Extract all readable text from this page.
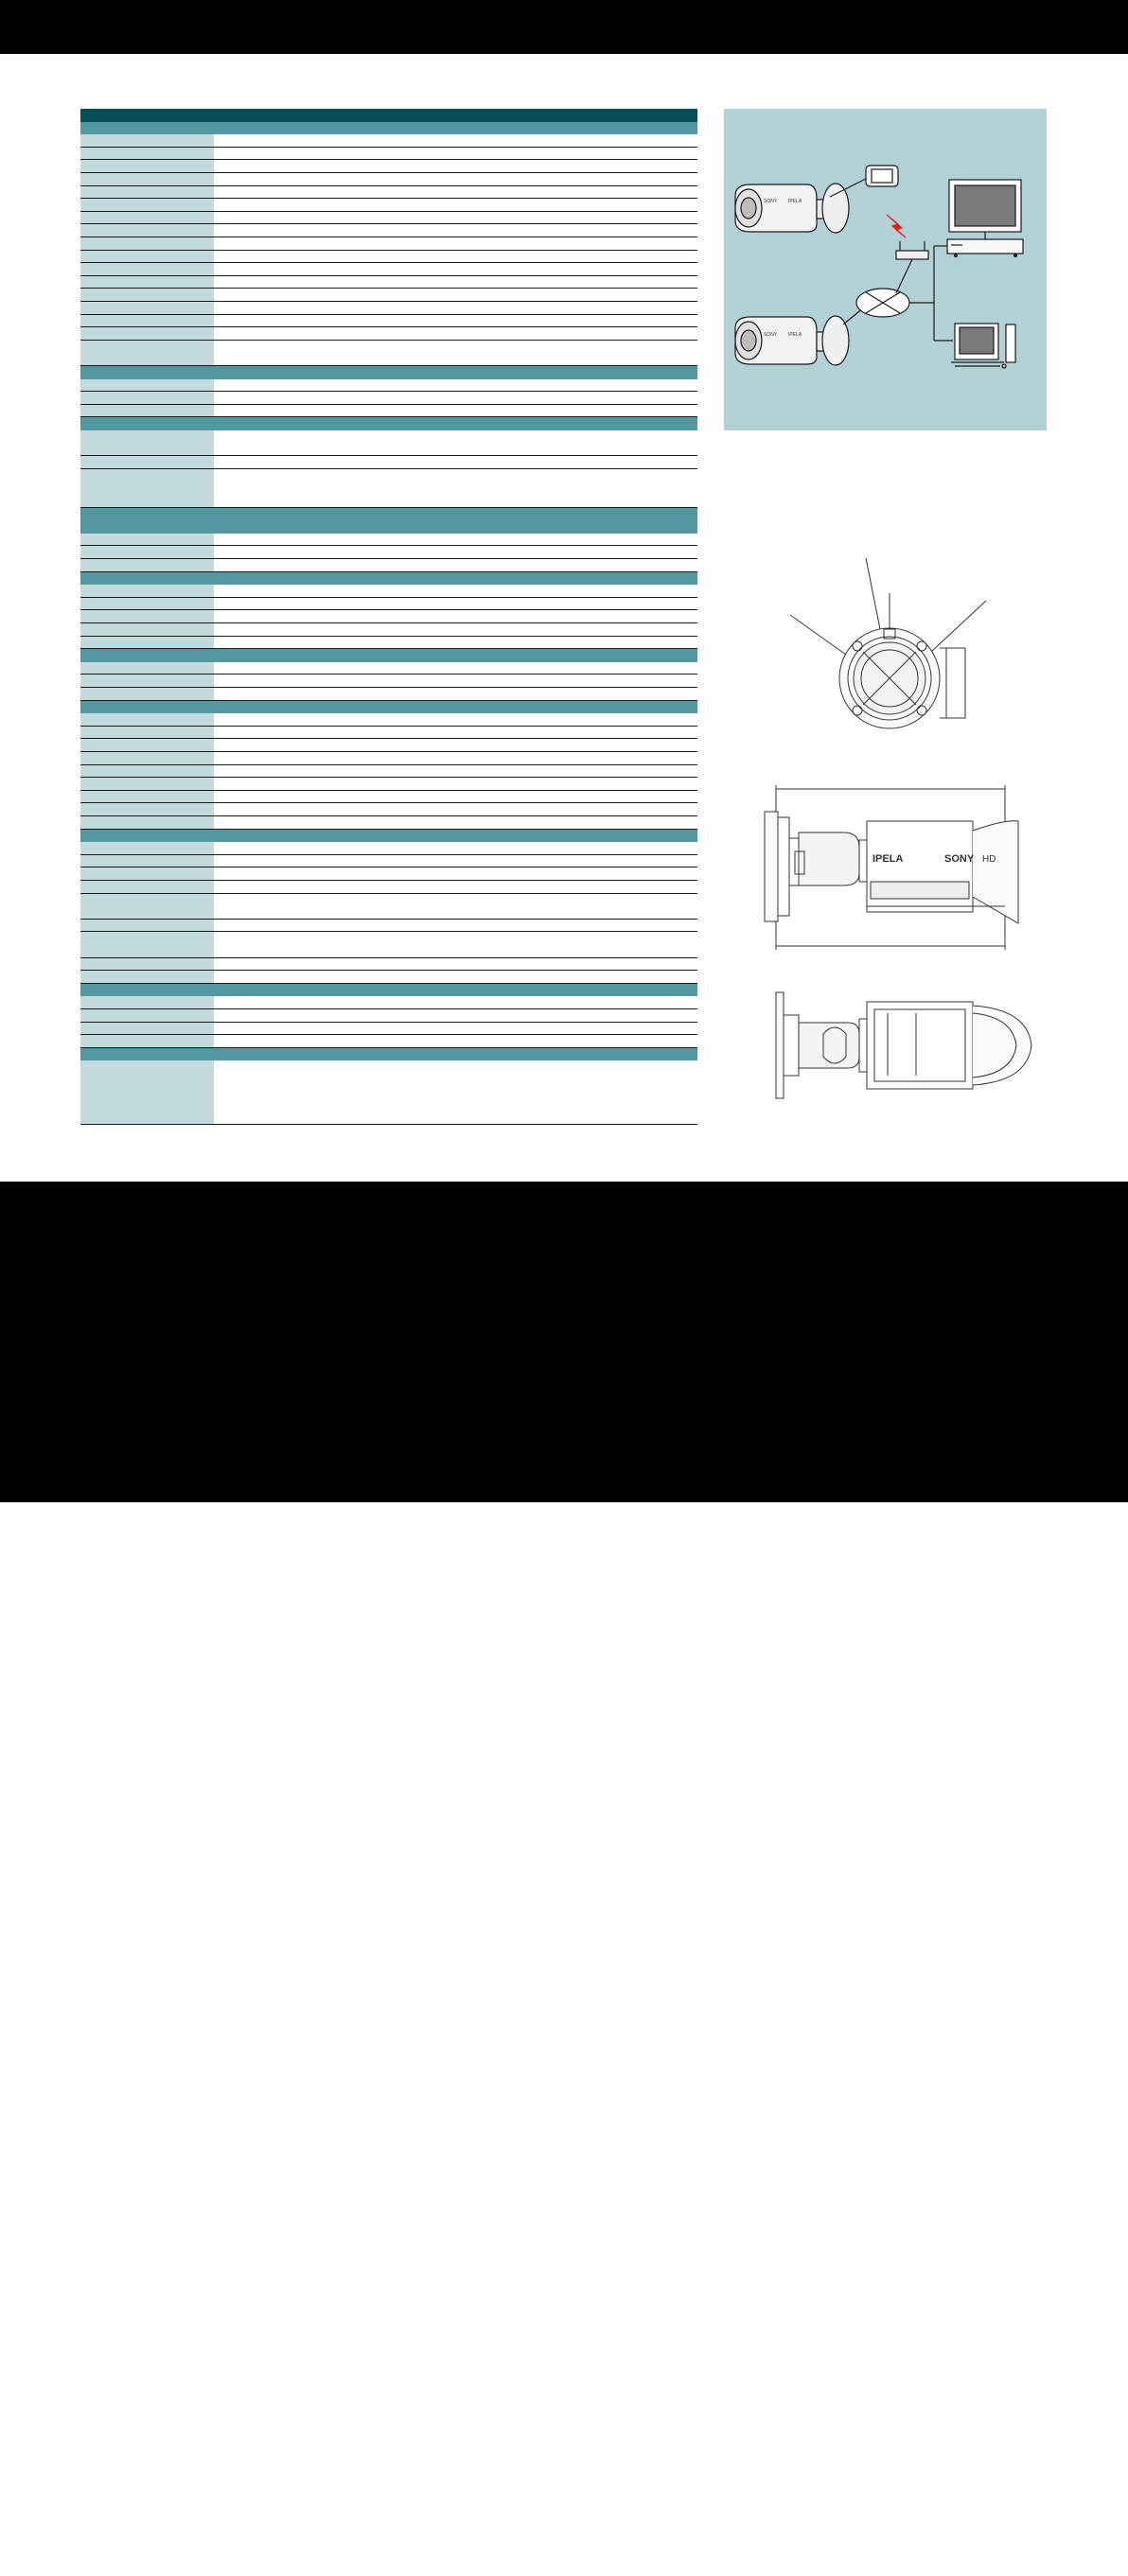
SONY IPELA
SONY IPELA
IPELA	SONY HD
